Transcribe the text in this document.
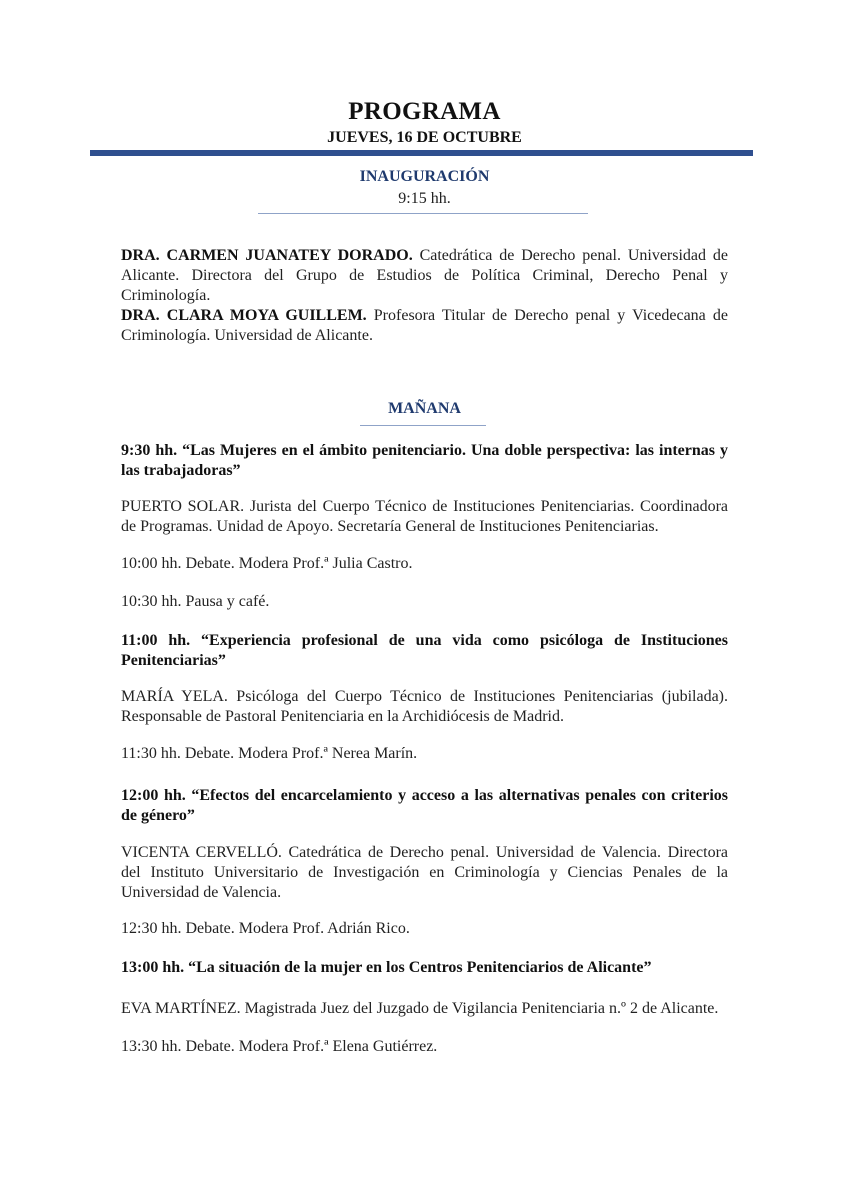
PROGRAMA
JUEVES, 16 DE OCTUBRE
INAUGURACIÓN
9:15 hh.
DRA. CARMEN JUANATEY DORADO. Catedrática de Derecho penal. Universidad de Alicante. Directora del Grupo de Estudios de Política Criminal, Derecho Penal y Criminología.
DRA. CLARA MOYA GUILLEM. Profesora Titular de Derecho penal y Vicedecana de Criminología. Universidad de Alicante.
MAÑANA
9:30 hh. “Las Mujeres en el ámbito penitenciario. Una doble perspectiva: las internas y las trabajadoras”
PUERTO SOLAR. Jurista del Cuerpo Técnico de Instituciones Penitenciarias. Coordinadora de Programas. Unidad de Apoyo. Secretaría General de Instituciones Penitenciarias.
10:00 hh. Debate. Modera Prof.ª Julia Castro.
10:30 hh. Pausa y café.
11:00 hh. “Experiencia profesional de una vida como psicóloga de Instituciones Penitenciarias”
MARÍA YELA. Psicóloga del Cuerpo Técnico de Instituciones Penitenciarias (jubilada). Responsable de Pastoral Penitenciaria en la Archidiócesis de Madrid.
11:30 hh. Debate. Modera Prof.ª Nerea Marín.
12:00 hh. “Efectos del encarcelamiento y acceso a las alternativas penales con criterios de género”
VICENTA CERVELLÓ. Catedrática de Derecho penal. Universidad de Valencia. Directora del Instituto Universitario de Investigación en Criminología y Ciencias Penales de la Universidad de Valencia.
12:30 hh. Debate. Modera Prof. Adrián Rico.
13:00 hh. “La situación de la mujer en los Centros Penitenciarios de Alicante”
EVA MARTÍNEZ. Magistrada Juez del Juzgado de Vigilancia Penitenciaria n.º 2 de Alicante.
13:30 hh. Debate. Modera Prof.ª Elena Gutiérrez.
